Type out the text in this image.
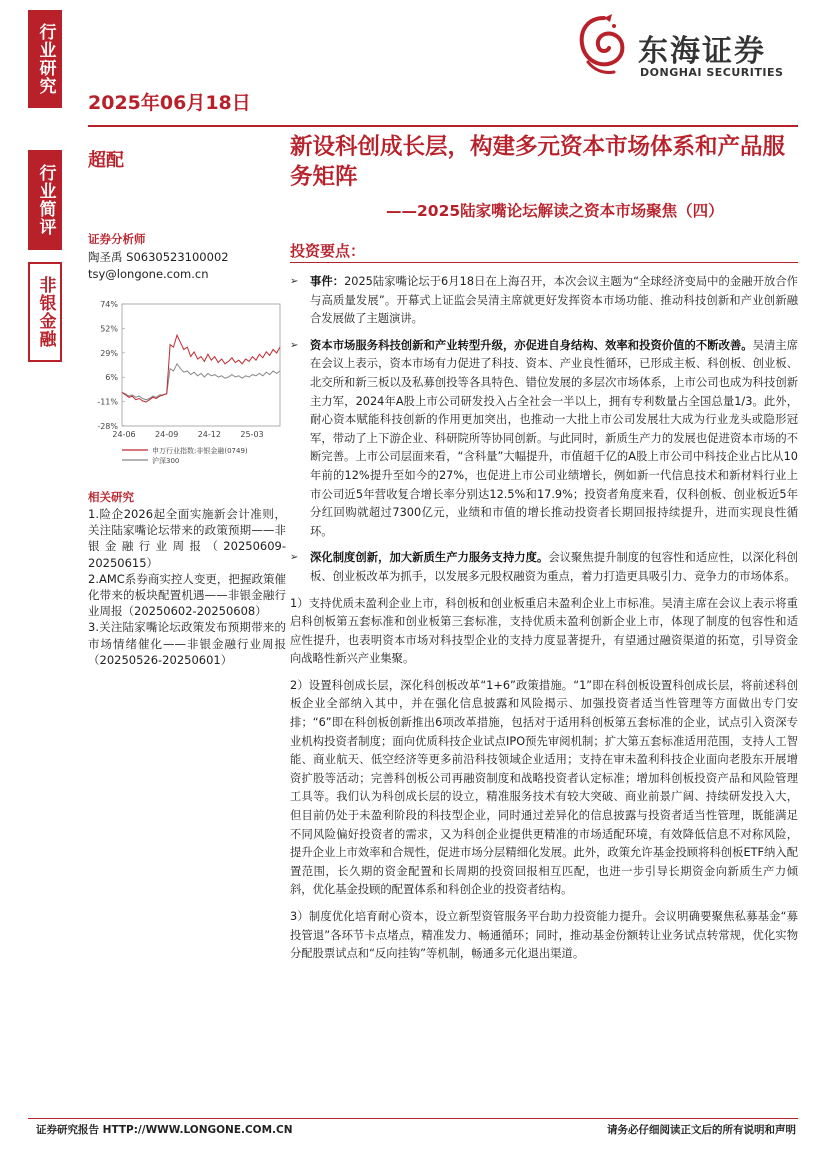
行业研究
行业简评
非银金融
2025年06月18日
东海证券
DONGHAI SECURITIES
超配
新设科创成长层，构建多元资本市场体系和产品服务矩阵
——2025陆家嘴论坛解读之资本市场聚焦（四）
证券分析师
陶圣禹 S0630523100002
tsy@longone.com.cn
74%
52%
29%
6%
-11%
-28%
24-06 24-09 24-12 25-03
申万行业指数:非银金融(0749)
沪深300
相关研究
1.险企2026起全面实施新会计准则，关注陆家嘴论坛带来的政策预期——非银金融行业周报（20250609-20250615）
2.AMC系券商实控人变更，把握政策催化带来的板块配置机遇——非银金融行业周报（20250602-20250608）
3.关注陆家嘴论坛政策发布预期带来的市场情绪催化——非银金融行业周报（20250526-20250601）
投资要点：
➢ 事件：2025陆家嘴论坛于6月18日在上海召开，本次会议主题为“全球经济变局中的金融开放合作与高质量发展”。开幕式上证监会吴清主席就更好发挥资本市场功能、推动科技创新和产业创新融合发展做了主题演讲。
➢ 资本市场服务科技创新和产业转型升级，亦促进自身结构、效率和投资价值的不断改善。吴清主席在会议上表示，资本市场有力促进了科技、资本、产业良性循环，已形成主板、科创板、创业板、北交所和新三板以及私募创投等各具特色、错位发展的多层次市场体系，上市公司也成为科技创新主力军，2024年A股上市公司研发投入占全社会一半以上，拥有专利数量占全国总量1/3。此外，耐心资本赋能科技创新的作用更加突出，也推动一大批上市公司发展壮大成为行业龙头或隐形冠军，带动了上下游企业、科研院所等协同创新。与此同时，新质生产力的发展也促进资本市场的不断完善。上市公司层面来看，“含科量”大幅提升，市值超千亿的A股上市公司中科技企业占比从10年前的12%提升至如今的27%，也促进上市公司业绩增长，例如新一代信息技术和新材料行业上市公司近5年营收复合增长率分别达12.5%和17.9%；投资者角度来看，仅科创板、创业板近5年分红回购就超过7300亿元，业绩和市值的增长推动投资者长期回报持续提升，进而实现良性循环。
➢ 深化制度创新，加大新质生产力服务支持力度。会议聚焦提升制度的包容性和适应性，以深化科创板、创业板改革为抓手，以发展多元股权融资为重点，着力打造更具吸引力、竞争力的市场体系。
1）支持优质未盈利企业上市，科创板和创业板重启未盈利企业上市标准。吴清主席在会议上表示将重启科创板第五套标准和创业板第三套标准，支持优质未盈利创新企业上市，体现了制度的包容性和适应性提升，也表明资本市场对科技型企业的支持力度显著提升，有望通过融资渠道的拓宽，引导资金向战略性新兴产业集聚。
2）设置科创成长层，深化科创板改革“1+6”政策措施。“1”即在科创板设置科创成长层，将前述科创板企业全部纳入其中，并在强化信息披露和风险揭示、加强投资者适当性管理等方面做出专门安排；“6”即在科创板创新推出6项改革措施，包括对于适用科创板第五套标准的企业，试点引入资深专业机构投资者制度；面向优质科技企业试点IPO预先审阅机制；扩大第五套标准适用范围，支持人工智能、商业航天、低空经济等更多前沿科技领域企业适用；支持在审未盈利科技企业面向老股东开展增资扩股等活动；完善科创板公司再融资制度和战略投资者认定标准；增加科创板投资产品和风险管理工具等。我们认为科创成长层的设立，精准服务技术有较大突破、商业前景广阔、持续研发投入大，但目前仍处于未盈利阶段的科技型企业，同时通过差异化的信息披露与投资者适当性管理，既能满足不同风险偏好投资者的需求，又为科创企业提供更精准的市场适配环境，有效降低信息不对称风险，提升企业上市效率和合规性，促进市场分层精细化发展。此外，政策允许基金投顾将科创板ETF纳入配置范围，长久期的资金配置和长周期的投资回报相互匹配，也进一步引导长期资金向新质生产力倾斜，优化基金投顾的配置体系和科创企业的投资者结构。
3）制度优化培育耐心资本，设立新型资管服务平台助力投资能力提升。会议明确要聚焦私募基金“募投管退”各环节卡点堵点，精准发力、畅通循环；同时，推动基金份额转让业务试点转常规，优化实物分配股票试点和“反向挂钩”等机制，畅通多元化退出渠道。
证券研究报告 HTTP://WWW.LONGONE.COM.CN	请务必仔细阅读正文后的所有说明和声明
